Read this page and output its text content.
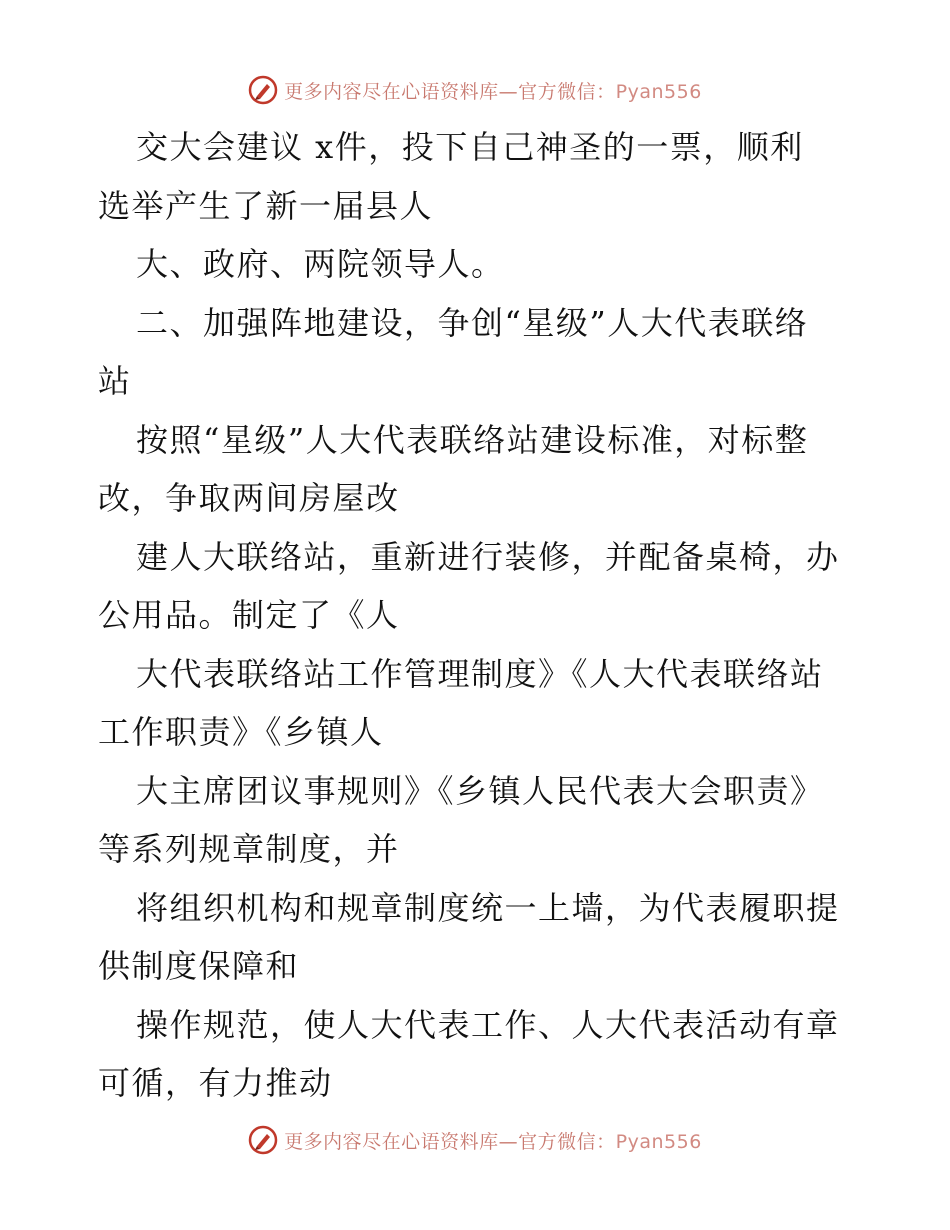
更多内容尽在心语资料库—官方微信：Pyan556
交大会建议 x件，投下自己神圣的一票，顺利
选举产生了新一届县人
大、政府、两院领导人。
二、加强阵地建设，争创“星级”人大代表联络
站
按照“星级”人大代表联络站建设标准，对标整
改，争取两间房屋改
建人大联络站，重新进行装修，并配备桌椅，办
公用品。制定了《人
大代表联络站工作管理制度》《人大代表联络站
工作职责》《乡镇人
大主席团议事规则》《乡镇人民代表大会职责》
等系列规章制度，并
将组织机构和规章制度统一上墙，为代表履职提
供制度保障和
操作规范，使人大代表工作、人大代表活动有章
可循，有力推动
更多内容尽在心语资料库—官方微信：Pyan556
